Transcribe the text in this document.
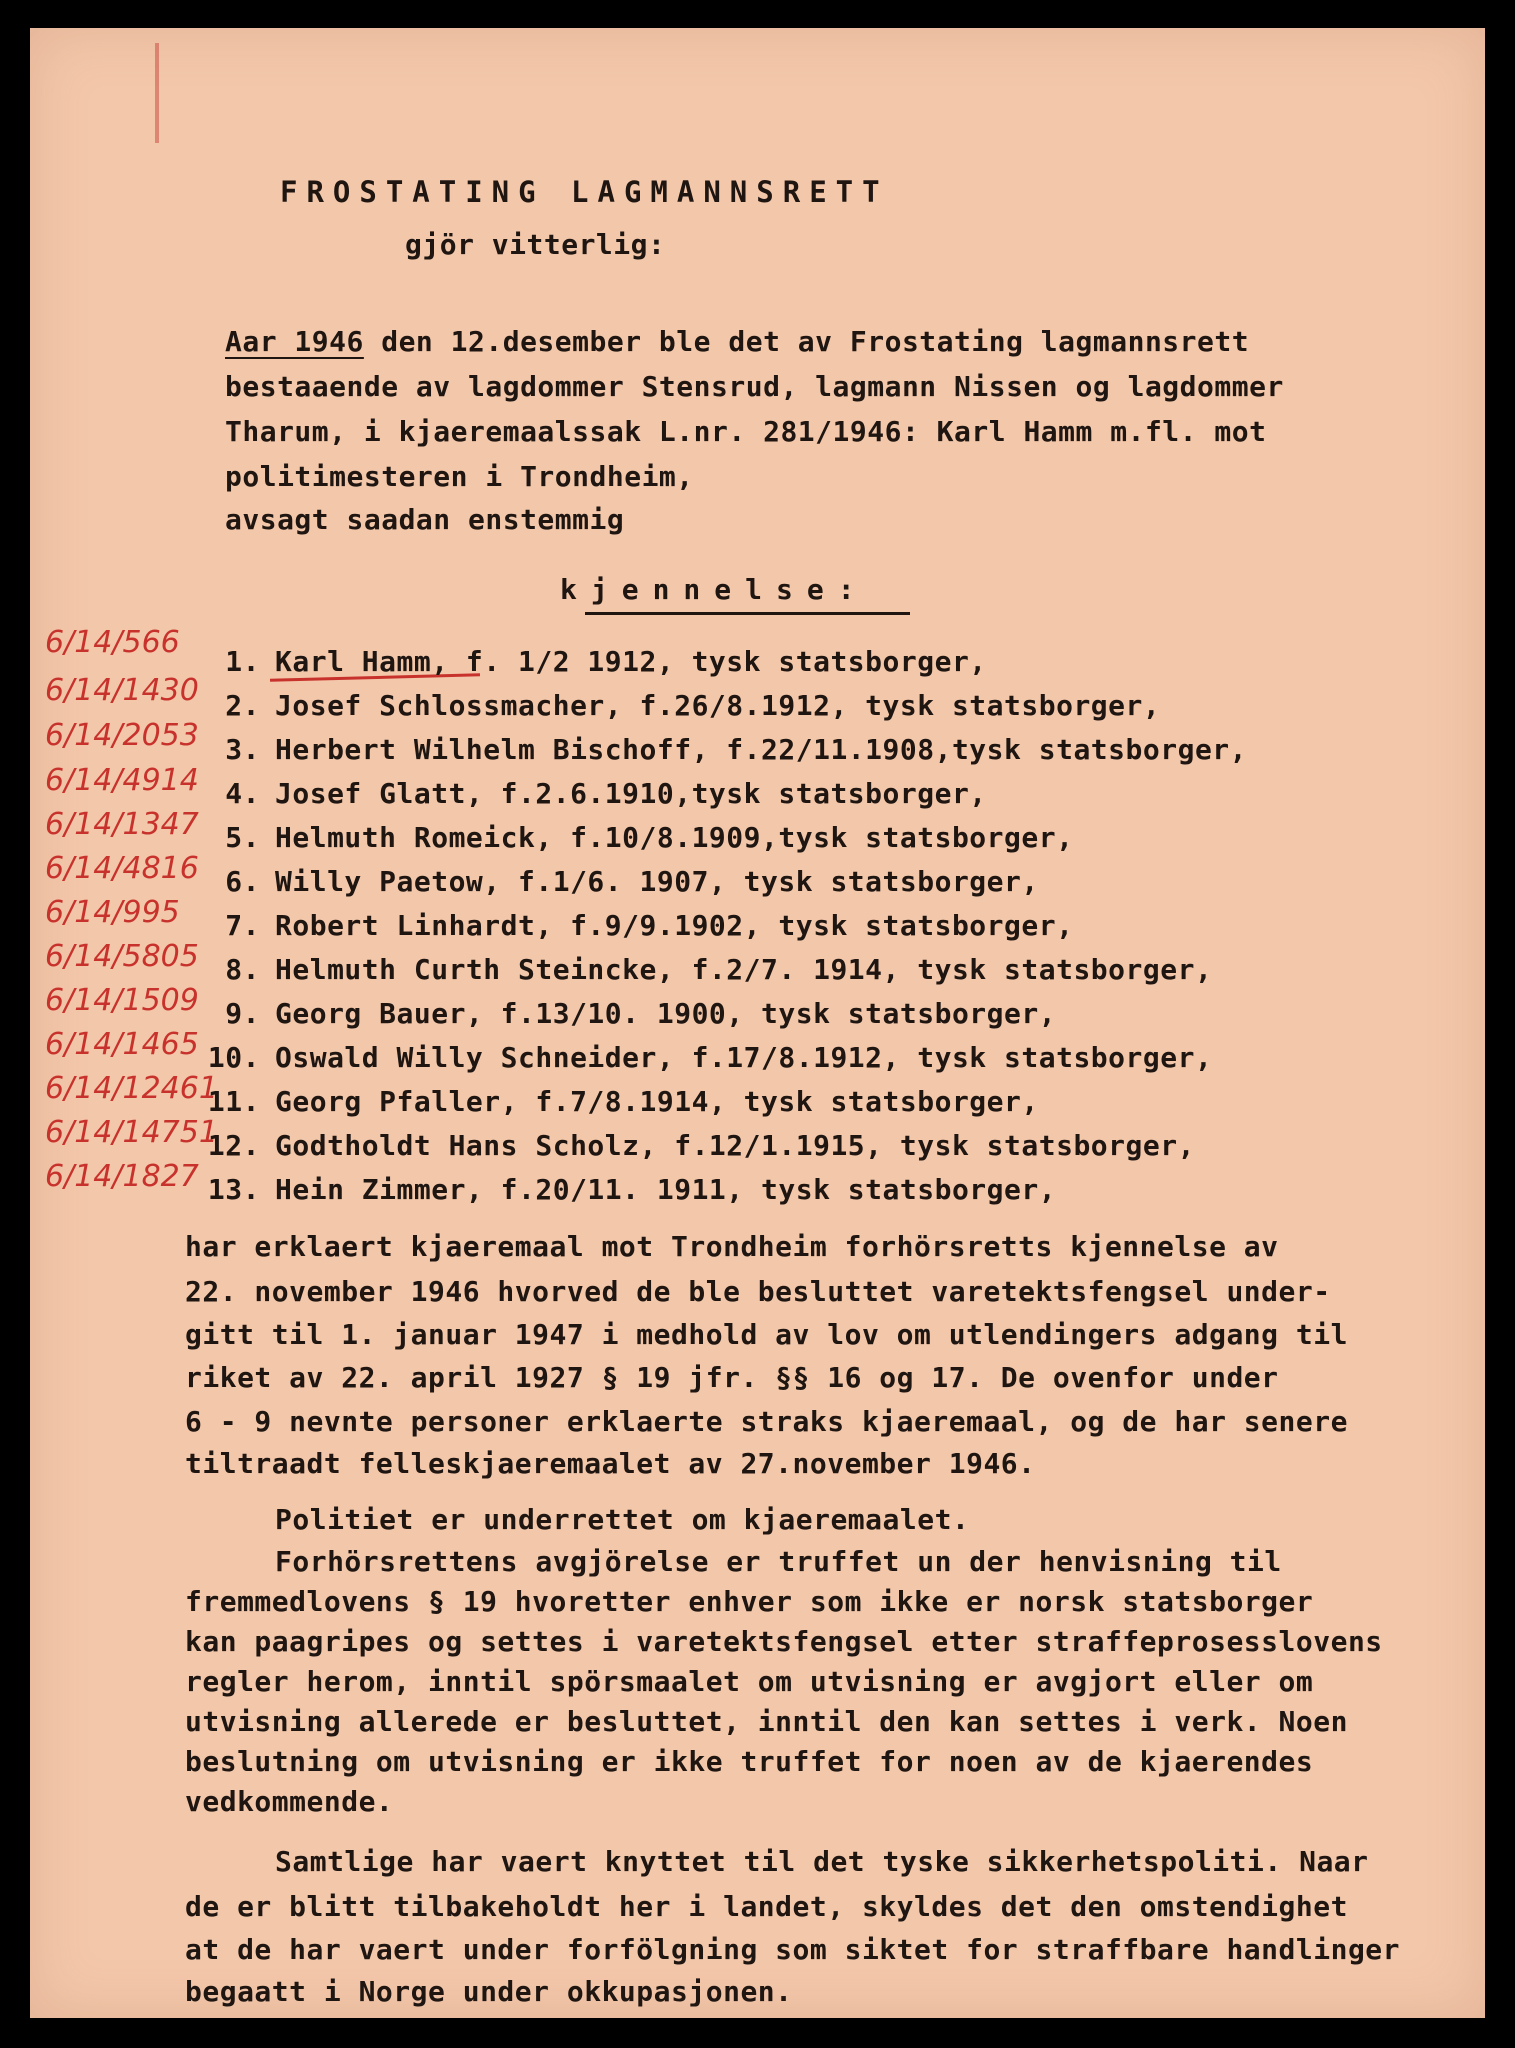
FROSTATING LAGMANNSRETT
gjör vitterlig:
Aar 1946 den 12.desember ble det av Frostating lagmannsrett
bestaaende av lagdommer Stensrud, lagmann Nissen og lagdommer
Tharum, i kjaeremaalssak L.nr. 281/1946: Karl Hamm m.fl. mot
politimesteren i Trondheim,
avsagt saadan enstemmig
kjennelse:
6/14/566
1. Karl Hamm, f. 1/2 1912, tysk statsborger,
6/14/1430 2. Josef Schlossmacher, f.26/8.1912, tysk statsborger,
6/14/2053 3. Herbert Wilhelm Bischoff, f.22/11.1908,tysk statsborger,
6/14/4914 4. Josef Glatt, f.2.6.1910,tysk statsborger,
6/14/1347 5. Helmuth Romeick, f.10/8.1909,tysk statsborger,
6/14/4816 6. Willy Paetow, f.1/6. 1907, tysk statsborger,
6/14/995	7. Robert Linhardt, f.9/9.1902, tysk statsborger,
6/14/5805 8. Helmuth Curth Steincke, f.2/7. 1914, tysk statsborger,
6/14/1509 9. Georg Bauer, f.13/10. 1900, tysk statsborger,
6/14/1465 10. Oswald Willy Schneider, f.17/8.1912, tysk statsborger,
6/14/12461
11. Georg Pfaller, f.7/8.1914, tysk statsborger,
6/14/14751
12. Godtholdt Hans Scholz, f.12/1.1915, tysk statsborger,
6/14/1827 13. Hein Zimmer, f.20/11. 1911, tysk statsborger,
har erklaert kjaeremaal mot Trondheim forhörsretts kjennelse av
22. november 1946 hvorved de ble besluttet varetektsfengsel under-
gitt til 1. januar 1947 i medhold av lov om utlendingers adgang til
riket av 22. april 1927 § 19 jfr. §§ 16 og 17. De ovenfor under
6 - 9 nevnte personer erklaerte straks kjaeremaal, og de har senere
tiltraadt felleskjaeremaalet av 27.november 1946.
Politiet er underrettet om kjaeremaalet.
Forhörsrettens avgjörelse er truffet un der henvisning til
fremmedlovens § 19 hvoretter enhver som ikke er norsk statsborger
kan paagripes og settes i varetektsfengsel etter straffeprosesslovens
regler herom, inntil spörsmaalet om utvisning er avgjort eller om
utvisning allerede er besluttet, inntil den kan settes i verk. Noen
beslutning om utvisning er ikke truffet for noen av de kjaerendes
vedkommende.
Samtlige har vaert knyttet til det tyske sikkerhetspoliti. Naar
de er blitt tilbakeholdt her i landet, skyldes det den omstendighet
at de har vaert under forfölgning som siktet for straffbare handlinger
begaatt i Norge under okkupasjonen.
